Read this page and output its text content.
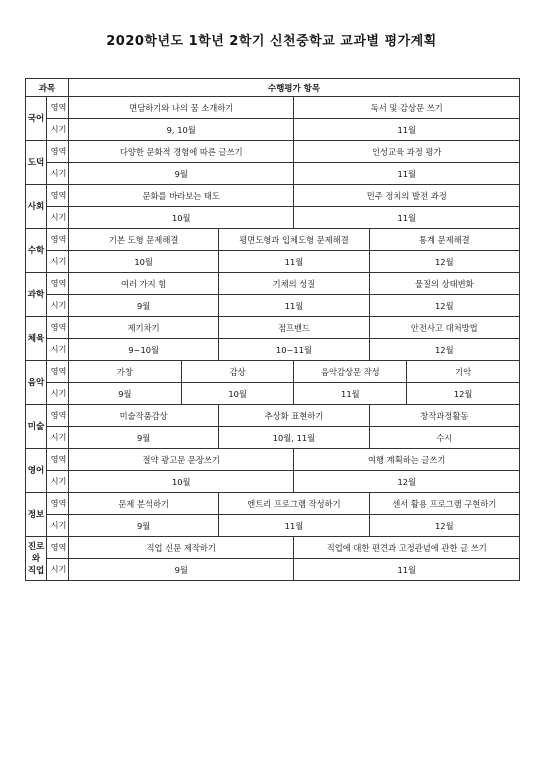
2020학년도 1학년 2학기 신천중학교 교과별 평가계획
과목		수행평가 항목					
국어	영역	면담하기와 나의 꿈 소개하기			독서 및 감상문 쓰기		
	시기	9, 10월			11월		
도덕	영역	다양한 문화적 경험에 따른 글쓰기			인성교육 과정 평가		
	시기	9월			11월		
사회	영역	문화를 바라보는 태도			민주 정치의 발전 과정		
	시기	10월			11월		
수학	영역	기본 도형 문제해결		평면도형과 입체도형 문제해결		통계 문제해결	
	시기	10월		11월		12월	
과학	영역	여러 가지 힘		기체의 성질		물질의 상태변화	
	시기	9월		11월		12월	
체육	영역	제기차기		점프밴드		안전사고 대처방법	
	시기	9~10월		10~11월		12월	
음악	영역	가창	감상		음악감상문 작성		기악
	시기	9월	10월		11월		12월
미술	영역	미술작품감상		추상화 표현하기		창작과정활동	
	시기	9월		10월, 11월		수시	
영어	영역	절약 광고문 문장쓰기			여행 계획하는 글쓰기		
	시기	10월			12월		
정보	영역	문제 분석하기		엔트리 프로그램 작성하기		센서 활용 프로그램 구현하기	
	시기	9월		11월		12월	
진로
와
직업	영역	직업 신문 제작하기			직업에 대한 편견과 고정관념에 관한 글 쓰기		
	시기	9월			11월		
